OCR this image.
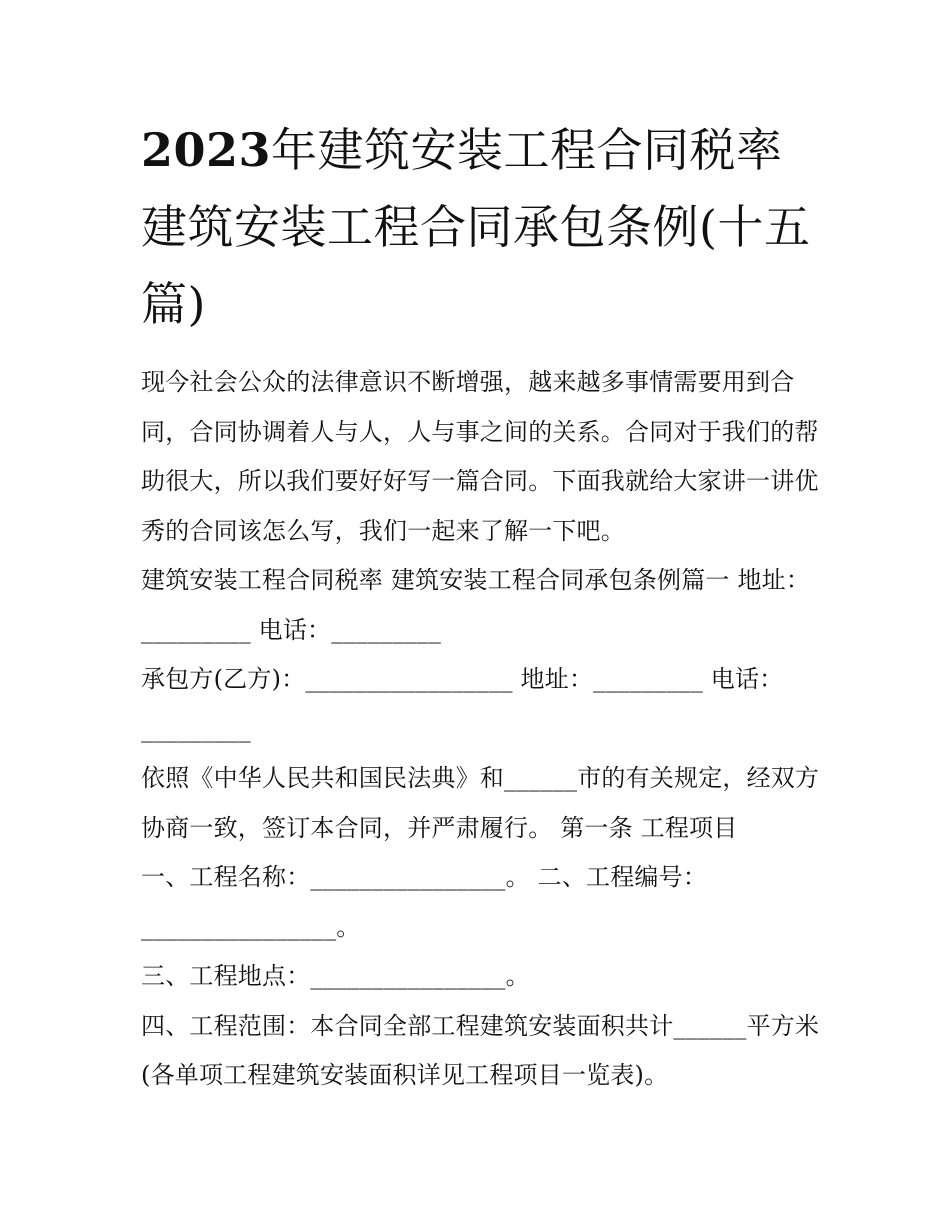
2023年建筑安装工程合同税率建筑安装工程合同承包条例(十五篇)

现今社会公众的法律意识不断增强，越来越多事情需要用到合同，合同协调着人与人，人与事之间的关系。合同对于我们的帮助很大，所以我们要好好写一篇合同。下面我就给大家讲一讲优秀的合同该怎么写，我们一起来了解一下吧。

建筑安装工程合同税率 建筑安装工程合同承包条例篇一 地址：_________ 电话：_________

承包方(乙方)：_________________ 地址：_________ 电话：_________

依照《中华人民共和国民法典》和______市的有关规定，经双方协商一致，签订本合同，并严肃履行。 第一条 工程项目

一、工程名称：________________。 二、工程编号：________________。

三、工程地点：________________。

四、工程范围：本合同全部工程建筑安装面积共计______平方米(各单项工程建筑安装面积详见工程项目一览表)。
